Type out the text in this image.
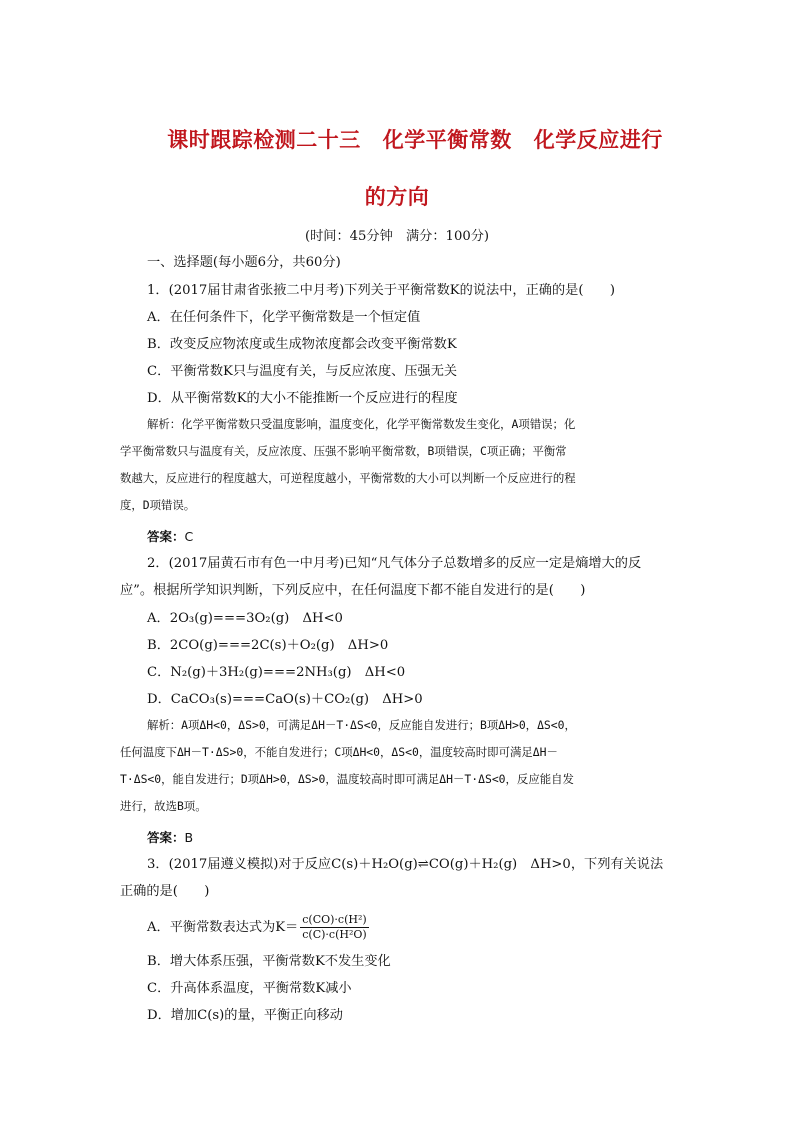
课时跟踪检测二十三 化学平衡常数 化学反应进行
的方向
(时间：45分钟　满分：100分)
一、选择题(每小题6分，共60分)
1．(2017届甘肃省张掖二中月考)下列关于平衡常数K的说法中，正确的是(　　)
A．在任何条件下，化学平衡常数是一个恒定值
B．改变反应物浓度或生成物浓度都会改变平衡常数K
C．平衡常数K只与温度有关，与反应浓度、压强无关
D．从平衡常数K的大小不能推断一个反应进行的程度
解析：化学平衡常数只受温度影响，温度变化，化学平衡常数发生变化，A项错误；化
学平衡常数只与温度有关，反应浓度、压强不影响平衡常数，B项错误，C项正确；平衡常
数越大，反应进行的程度越大，可逆程度越小，平衡常数的大小可以判断一个反应进行的程
度，D项错误。
答案：C
2．(2017届黄石市有色一中月考)已知“凡气体分子总数增多的反应一定是熵增大的反
应”。根据所学知识判断，下列反应中，在任何温度下都不能自发进行的是(　　)
A．2O₃(g)===3O₂(g)　ΔH<0
B．2CO(g)===2C(s)＋O₂(g)　ΔH>0
C．N₂(g)＋3H₂(g)===2NH₃(g)　ΔH<0
D．CaCO₃(s)===CaO(s)＋CO₂(g)　ΔH>0
解析：A项ΔH<0，ΔS>0，可满足ΔH－T·ΔS<0，反应能自发进行；B项ΔH>0，ΔS<0，
任何温度下ΔH－T·ΔS>0，不能自发进行；C项ΔH<0，ΔS<0，温度较高时即可满足ΔH－
T·ΔS<0，能自发进行；D项ΔH>0，ΔS>0，温度较高时即可满足ΔH－T·ΔS<0，反应能自发
进行，故选B项。
答案：B
3．(2017届遵义模拟)对于反应C(s)＋H₂O(g)⇌CO(g)＋H₂(g)　ΔH>0，下列有关说法
正确的是(　　)
A．平衡常数表达式为$K= \frac{\text{c(CO)·c(H²)}}{\text{c(C)·c(H²O)}}$
B．增大体系压强，平衡常数K不发生变化
C．升高体系温度，平衡常数K减小
D．增加C(s)的量，平衡正向移动
